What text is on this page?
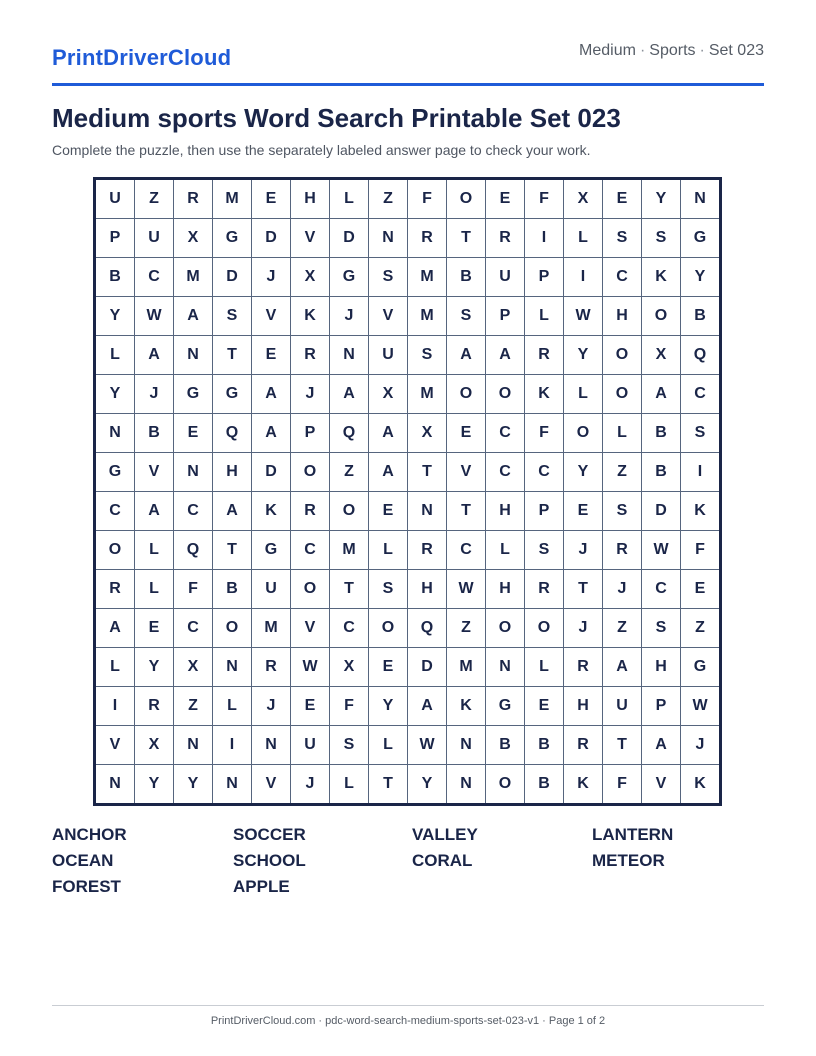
PrintDriverCloud	Medium · Sports · Set 023
Medium sports Word Search Printable Set 023

Complete the puzzle, then use the separately labeled answer page to check your work.

U	Z	R	M	E	H	L	Z	F	O	E	F	X	E	Y	N
P	U	X	G	D	V	D	N	R	T	R	I	L	S	S	G
B	C	M	D	J	X	G	S	M	B	U	P	I	C	K	Y
Y	W	A	S	V	K	J	V	M	S	P	L	W	H	O	B
L	A	N	T	E	R	N	U	S	A	A	R	Y	O	X	Q
Y	J	G	G	A	J	A	X	M	O	O	K	L	O	A	C
N	B	E	Q	A	P	Q	A	X	E	C	F	O	L	B	S
G	V	N	H	D	O	Z	A	T	V	C	C	Y	Z	B	I
C	A	C	A	K	R	O	E	N	T	H	P	E	S	D	K
O	L	Q	T	G	C	M	L	R	C	L	S	J	R	W	F
R	L	F	B	U	O	T	S	H	W	H	R	T	J	C	E
A	E	C	O	M	V	C	O	Q	Z	O	O	J	Z	S	Z
L	Y	X	N	R	W	X	E	D	M	N	L	R	A	H	G
I	R	Z	L	J	E	F	Y	A	K	G	E	H	U	P	W
V	X	N	I	N	U	S	L	W	N	B	B	R	T	A	J
N	Y	Y	N	V	J	L	T	Y	N	O	B	K	F	V	K
ANCHOR	SOCCER	VALLEY	LANTERN
OCEAN	SCHOOL	CORAL	METEOR
FOREST	APPLE
PrintDriverCloud.com · pdc-word-search-medium-sports-set-023-v1 · Page 1 of 2
